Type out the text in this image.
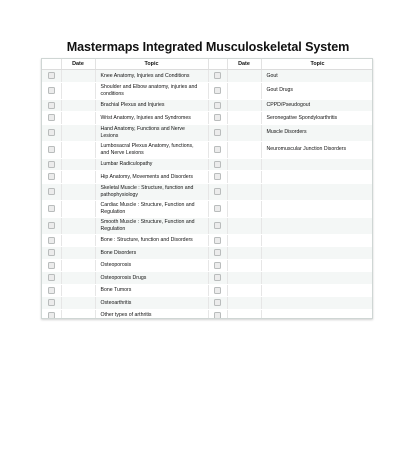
Mastermaps Integrated Musculoskeletal System
	Date	Topic		Date	Topic
		Knee Anatomy, Injuries and Conditions			Gout
		Shoulder and Elbow anatomy, injuries and conditions			Gout Drugs
		Brachial Plexus and Injuries			CPPD/Pseudogout
		Wrist Anatomy, Injuries and Syndromes			Seronegative Spondyloarthritis
		Hand Anatomy, Functions and Nerve Lesions			Muscle Disorders
		Lumbosacral Plexus Anatomy, functions, and Nerve Lesions			Neuromuscular Junction Disorders
		Lumbar Radiculopathy			
		Hip Anatomy, Movements and Disorders			
		Skeletal Muscle : Structure, function and pathophysiology			
		Cardiac Muscle : Structure, Function and Regulation			
		Smooth Muscle : Structure, Function and Regulation			
		Bone : Structure, function and Disorders			
		Bone Disorders			
		Osteoporosis			
		Osteoporosis Drugs			
		Bone Tumors			
		Osteoarthritis			
		Other types of arthritis			
